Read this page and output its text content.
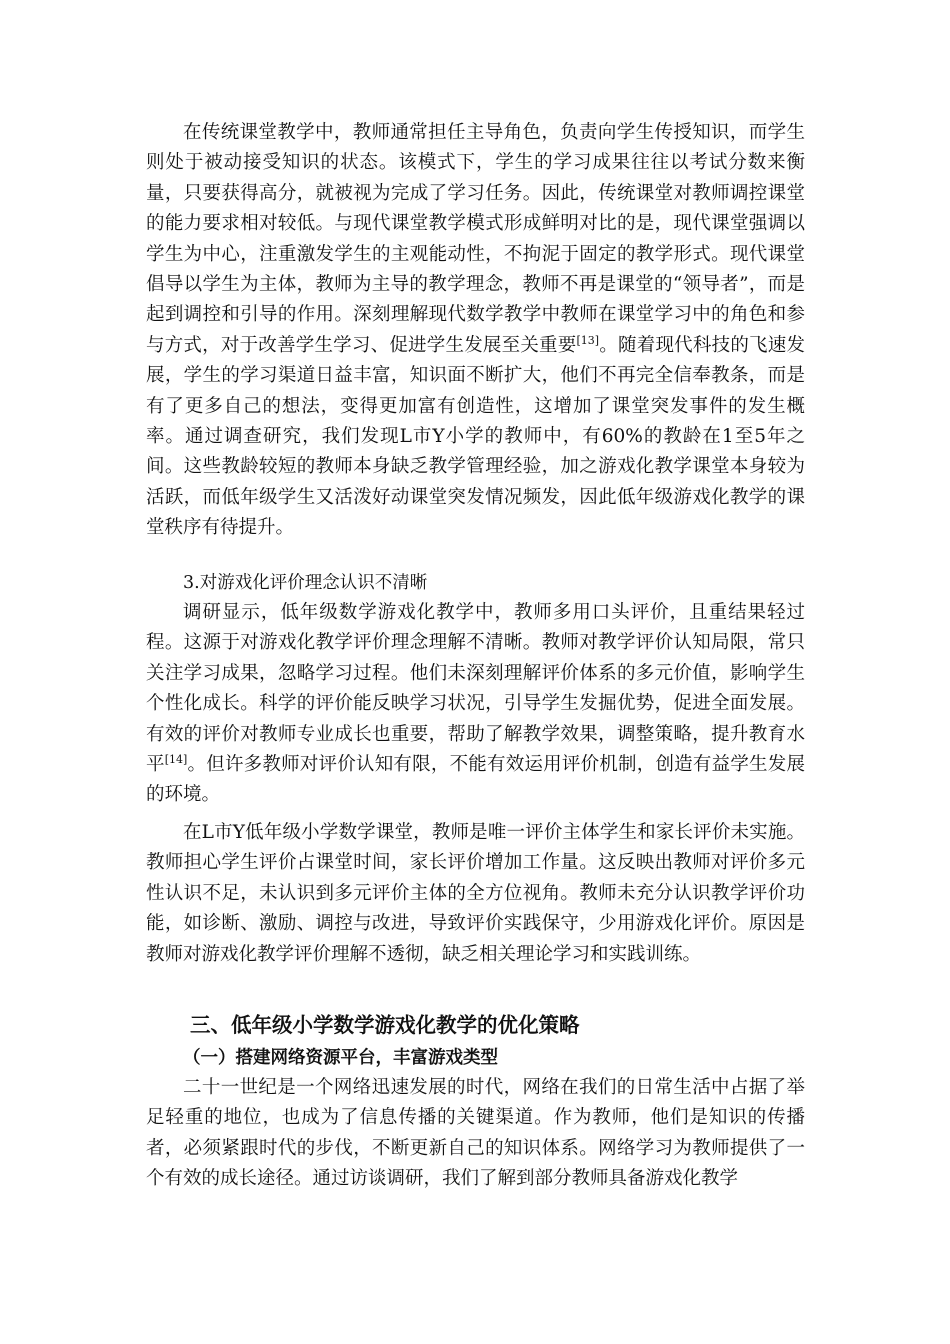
在传统课堂教学中，教师通常担任主导角色，负责向学生传授知识，而学生则处于被动接受知识的状态。该模式下，学生的学习成果往往以考试分数来衡量，只要获得高分，就被视为完成了学习任务。因此，传统课堂对教师调控课堂的能力要求相对较低。与现代课堂教学模式形成鲜明对比的是，现代课堂强调以学生为中心，注重激发学生的主观能动性，不拘泥于固定的教学形式。现代课堂倡导以学生为主体，教师为主导的教学理念，教师不再是课堂的“领导者”，而是起到调控和引导的作用。深刻理解现代数学教学中教师在课堂学习中的角色和参与方式，对于改善学生学习、促进学生发展至关重要[13]。随着现代科技的飞速发展，学生的学习渠道日益丰富，知识面不断扩大，他们不再完全信奉教条，而是有了更多自己的想法，变得更加富有创造性，这增加了课堂突发事件的发生概率。通过调查研究，我们发现L市Y小学的教师中，有60%的教龄在1至5年之间。这些教龄较短的教师本身缺乏教学管理经验，加之游戏化教学课堂本身较为活跃，而低年级学生又活泼好动课堂突发情况频发，因此低年级游戏化教学的课堂秩序有待提升。

3.对游戏化评价理念认识不清晰

调研显示，低年级数学游戏化教学中，教师多用口头评价，且重结果轻过程。这源于对游戏化教学评价理念理解不清晰。教师对教学评价认知局限，常只关注学习成果，忽略学习过程。他们未深刻理解评价体系的多元价值，影响学生个性化成长。科学的评价能反映学习状况，引导学生发掘优势，促进全面发展。有效的评价对教师专业成长也重要，帮助了解教学效果，调整策略，提升教育水平[14]。但许多教师对评价认知有限，不能有效运用评价机制，创造有益学生发展的环境。

在L市Y低年级小学数学课堂，教师是唯一评价主体学生和家长评价未实施。教师担心学生评价占课堂时间，家长评价增加工作量。这反映出教师对评价多元性认识不足，未认识到多元评价主体的全方位视角。教师未充分认识教学评价功能，如诊断、激励、调控与改进，导致评价实践保守，少用游戏化评价。原因是教师对游戏化教学评价理解不透彻，缺乏相关理论学习和实践训练。

三、低年级小学数学游戏化教学的优化策略
（一）搭建网络资源平台，丰富游戏类型

二十一世纪是一个网络迅速发展的时代，网络在我们的日常生活中占据了举足轻重的地位，也成为了信息传播的关键渠道。作为教师，他们是知识的传播者，必须紧跟时代的步伐，不断更新自己的知识体系。网络学习为教师提供了一个有效的成长途径。通过访谈调研，我们了解到部分教师具备游戏化教学
